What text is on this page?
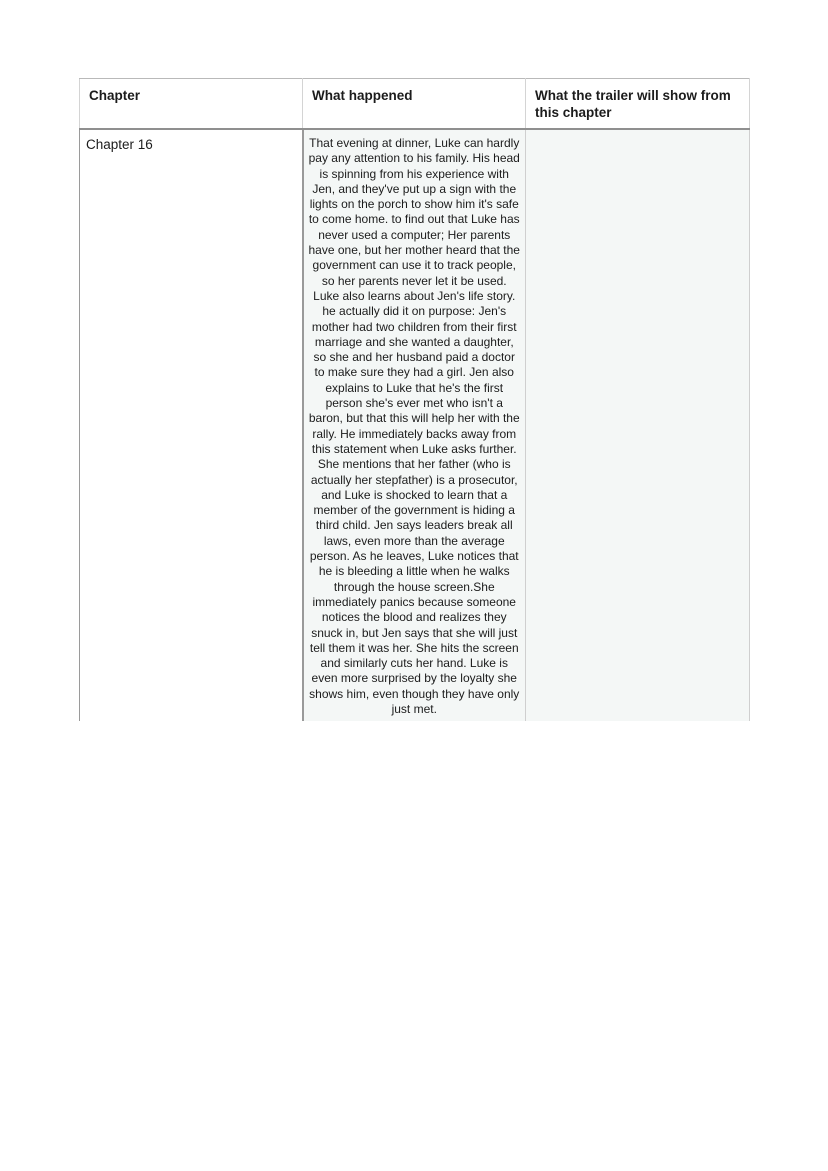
Chapter	What happened	What the trailer will show from this chapter
Chapter 16	That evening at dinner, Luke can hardly pay any attention to his family. His head is spinning from his experience with Jen, and they've put up a sign with the lights on the porch to show him it's safe to come home. to find out that Luke has never used a computer; Her parents have one, but her mother heard that the government can use it to track people, so her parents never let it be used. Luke also learns about Jen's life story. he actually did it on purpose: Jen's mother had two children from their first marriage and she wanted a daughter, so she and her husband paid a doctor to make sure they had a girl. Jen also explains to Luke that he's the first person she's ever met who isn't a baron, but that this will help her with the rally. He immediately backs away from this statement when Luke asks further. She mentions that her father (who is actually her stepfather) is a prosecutor, and Luke is shocked to learn that a member of the government is hiding a third child. Jen says leaders break all laws, even more than the average person. As he leaves, Luke notices that he is bleeding a little when he walks through the house screen.She immediately panics because someone notices the blood and realizes they snuck in, but Jen says that she will just tell them it was her. She hits the screen and similarly cuts her hand. Luke is even more surprised by the loyalty she shows him, even though they have only just met.	
